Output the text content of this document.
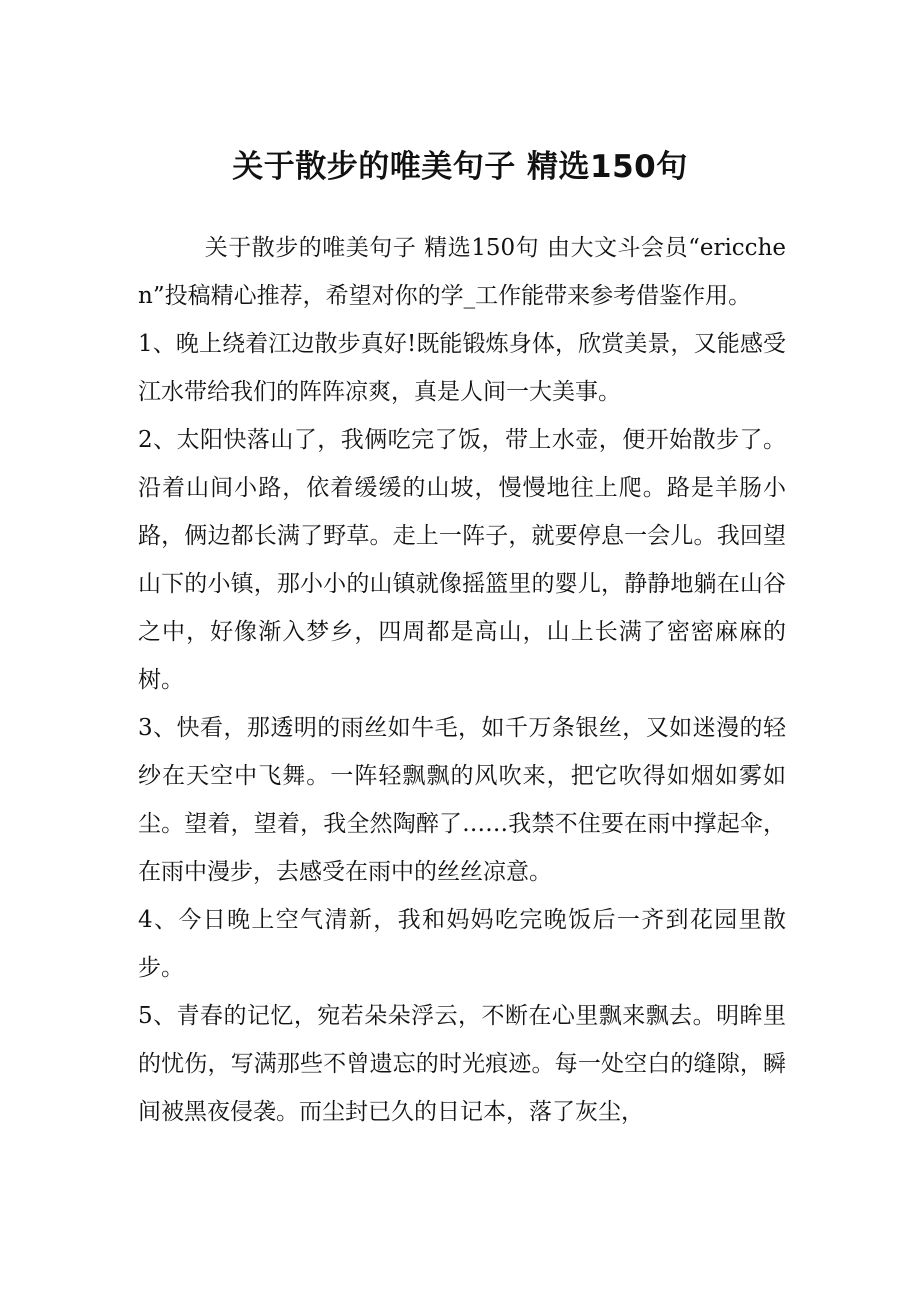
关于散步的唯美句子 精选150句

关于散步的唯美句子 精选150句 由大文斗会员“ericchen”投稿精心推荐，希望对你的学_工作能带来参考借鉴作用。

1、晚上绕着江边散步真好!既能锻炼身体，欣赏美景，又能感受江水带给我们的阵阵凉爽，真是人间一大美事。

2、太阳快落山了，我俩吃完了饭，带上水壶，便开始散步了。沿着山间小路，依着缓缓的山坡，慢慢地往上爬。路是羊肠小路，俩边都长满了野草。走上一阵子，就要停息一会儿。我回望山下的小镇，那小小的山镇就像摇篮里的婴儿，静静地躺在山谷之中，好像渐入梦乡，四周都是高山，山上长满了密密麻麻的树。

3、快看，那透明的雨丝如牛毛，如千万条银丝，又如迷漫的轻纱在天空中飞舞。一阵轻飘飘的风吹来，把它吹得如烟如雾如尘。望着，望着，我全然陶醉了……我禁不住要在雨中撑起伞，在雨中漫步，去感受在雨中的丝丝凉意。

4、今日晚上空气清新，我和妈妈吃完晚饭后一齐到花园里散步。

5、青春的记忆，宛若朵朵浮云，不断在心里飘来飘去。明眸里的忧伤，写满那些不曾遗忘的时光痕迹。每一处空白的缝隙，瞬间被黑夜侵袭。而尘封已久的日记本，落了灰尘，
